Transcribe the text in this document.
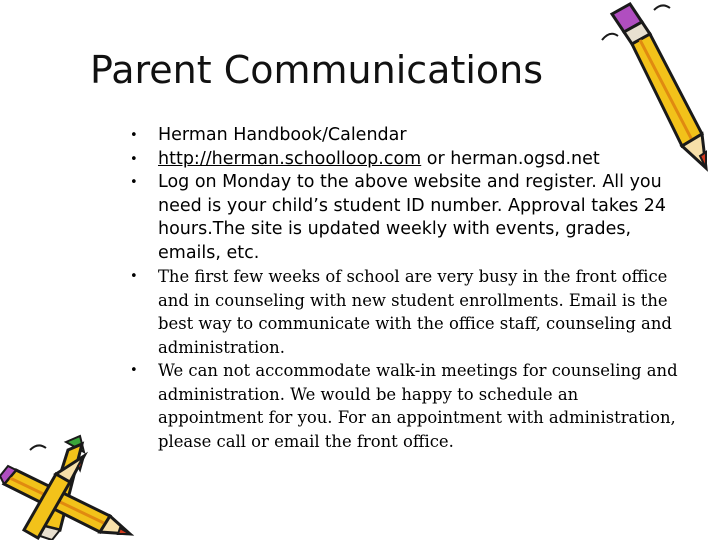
Parent Communications
• Herman Handbook/Calendar
• http://herman.schoolloop.com or herman.ogsd.net
• Log on Monday to the above website and register. All you need is your child’s student ID number. Approval takes 24 hours.The site is updated weekly with events, grades, emails, etc.
• The first few weeks of school are very busy in the front office and in counseling with new student enrollments. Email is the best way to communicate with the office staff, counseling and administration.
• We can not accommodate walk-in meetings for counseling and administration. We would be happy to schedule an appointment for you. For an appointment with administration, please call or email the front office.
